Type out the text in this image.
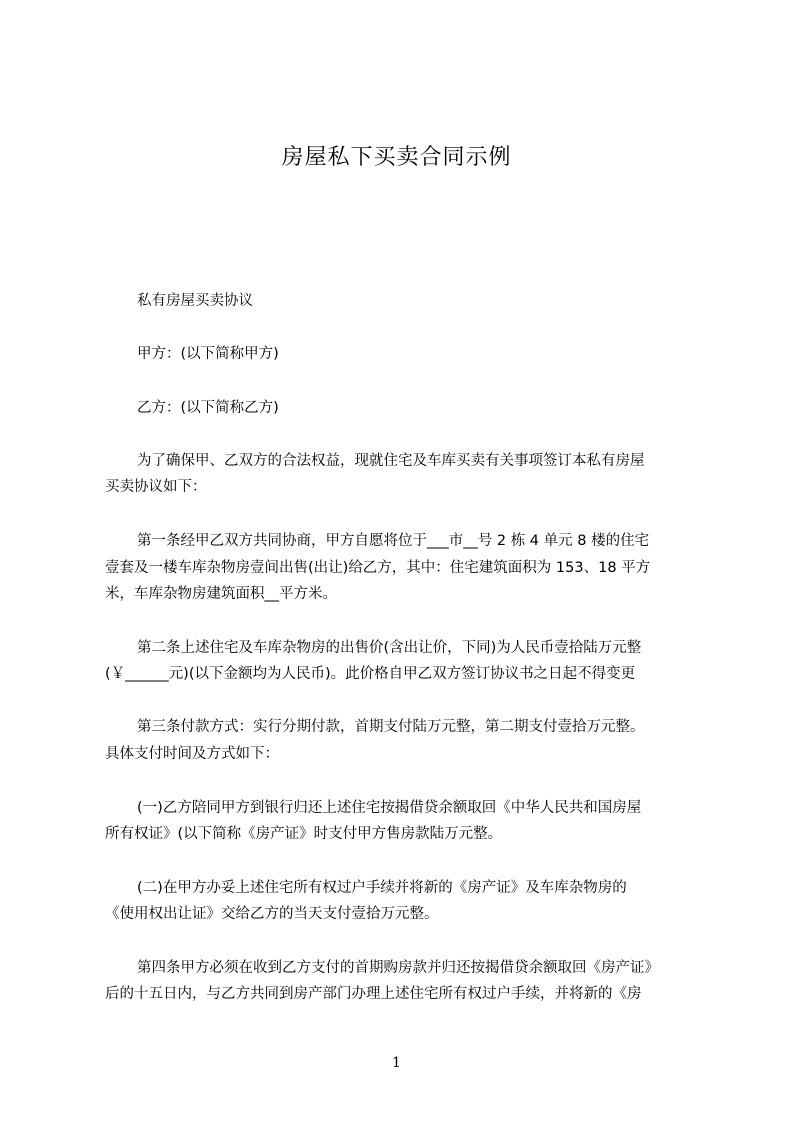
房屋私下买卖合同示例
私有房屋买卖协议
甲方：(以下简称甲方)
乙方：(以下简称乙方)
为了确保甲、乙双方的合法权益，现就住宅及车库买卖有关事项签订本私有房屋
买卖协议如下：
第一条经甲乙双方共同协商，甲方自愿将位于___市__号 2 栋 4 单元 8 楼的住宅
壹套及一楼车库杂物房壹间出售(出让)给乙方，其中：住宅建筑面积为 153、18 平方
米，车库杂物房建筑面积__平方米。
第二条上述住宅及车库杂物房的出售价(含出让价，下同)为人民币壹拾陆万元整
(￥______元)(以下金额均为人民币)。此价格自甲乙双方签订协议书之日起不得变更
第三条付款方式：实行分期付款，首期支付陆万元整，第二期支付壹拾万元整。
具体支付时间及方式如下：
(一)乙方陪同甲方到银行归还上述住宅按揭借贷余额取回《中华人民共和国房屋
所有权证》(以下简称《房产证》时支付甲方售房款陆万元整。
(二)在甲方办妥上述住宅所有权过户手续并将新的《房产证》及车库杂物房的
《使用权出让证》交给乙方的当天支付壹拾万元整。
第四条甲方必须在收到乙方支付的首期购房款并归还按揭借贷余额取回《房产证》
后的十五日内，与乙方共同到房产部门办理上述住宅所有权过户手续，并将新的《房
1
